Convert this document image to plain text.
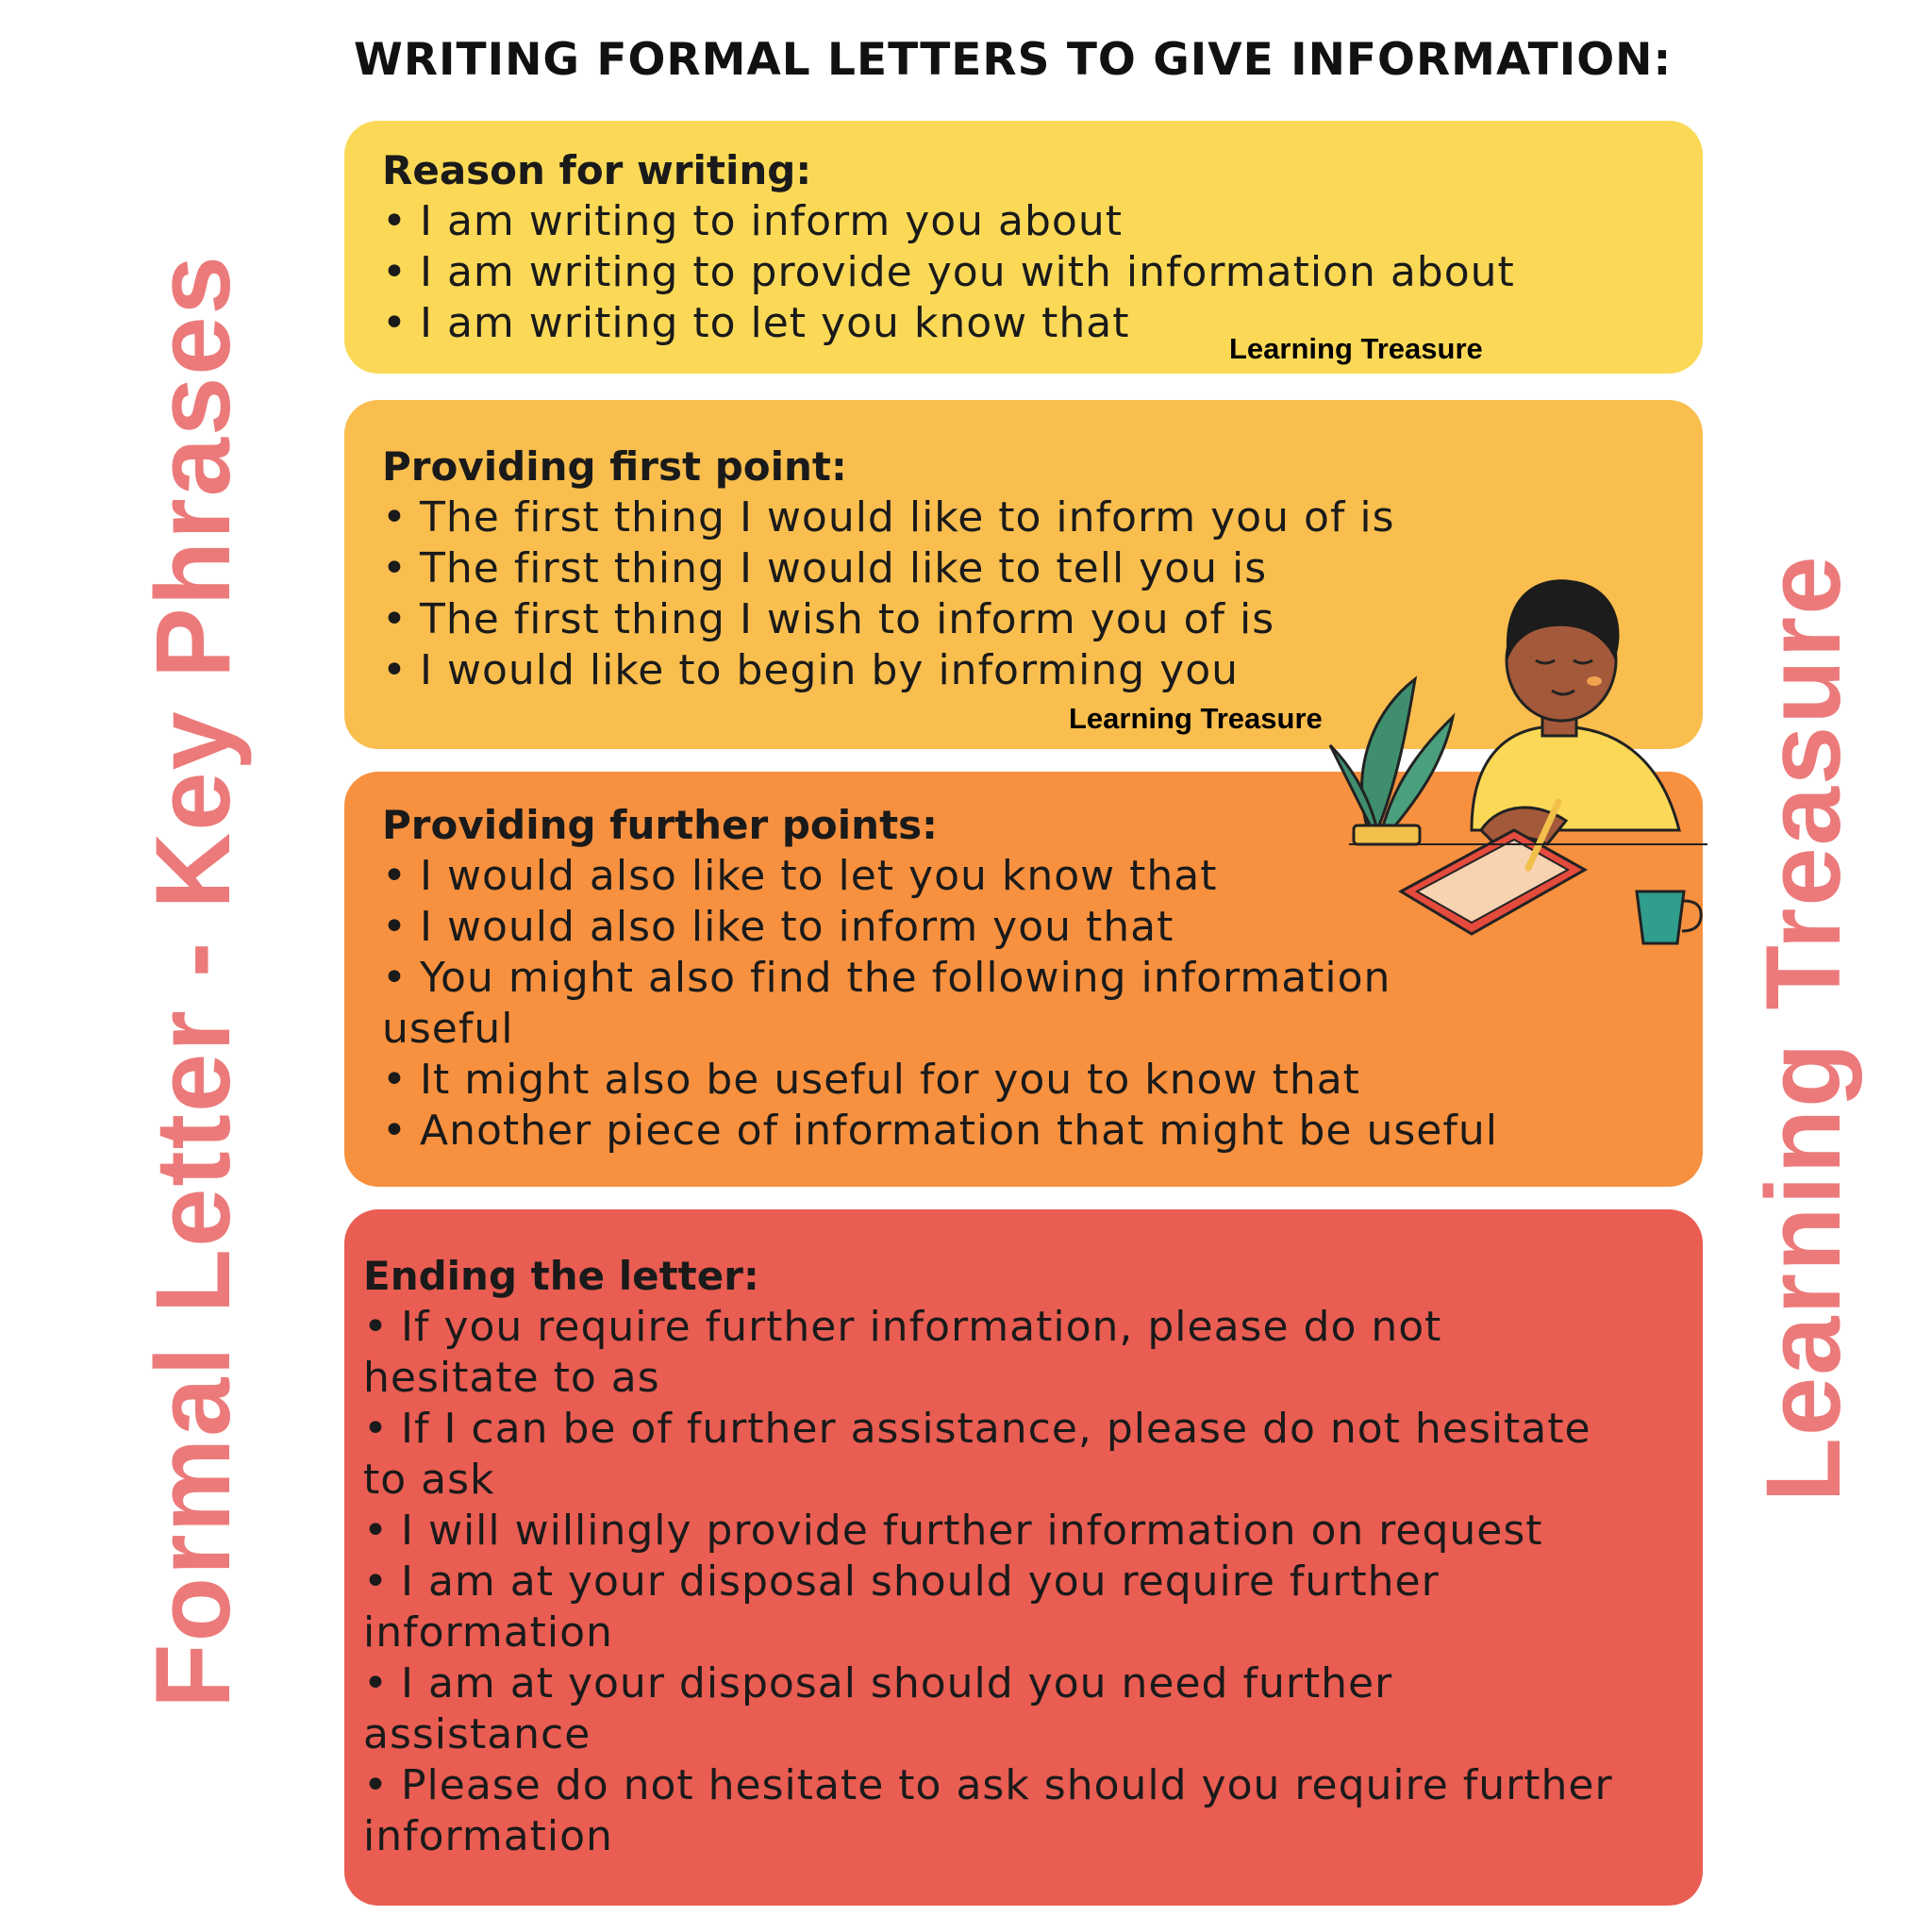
Formal Letter - Key Phrases	Learning Treasure
WRITING FORMAL LETTERS TO GIVE INFORMATION:
Reason for writing:
• I am writing to inform you about
• I am writing to provide you with information about
• I am writing to let you know that
Learning Treasure
Providing first point:
• The first thing I would like to inform you of is
• The first thing I would like to tell you is
• The first thing I wish to inform you of is
• I would like to begin by informing you
Learning Treasure
Providing further points:
• I would also like to let you know that
• I would also like to inform you that
• You might also find the following information useful
• It might also be useful for you to know that
• Another piece of information that might be useful
Ending the letter:
• If you require further information, please do not hesitate to as
• If I can be of further assistance, please do not hesitate to ask
• I will willingly provide further information on request
• I am at your disposal should you require further information
• I am at your disposal should you need further assistance
• Please do not hesitate to ask should you require further information
